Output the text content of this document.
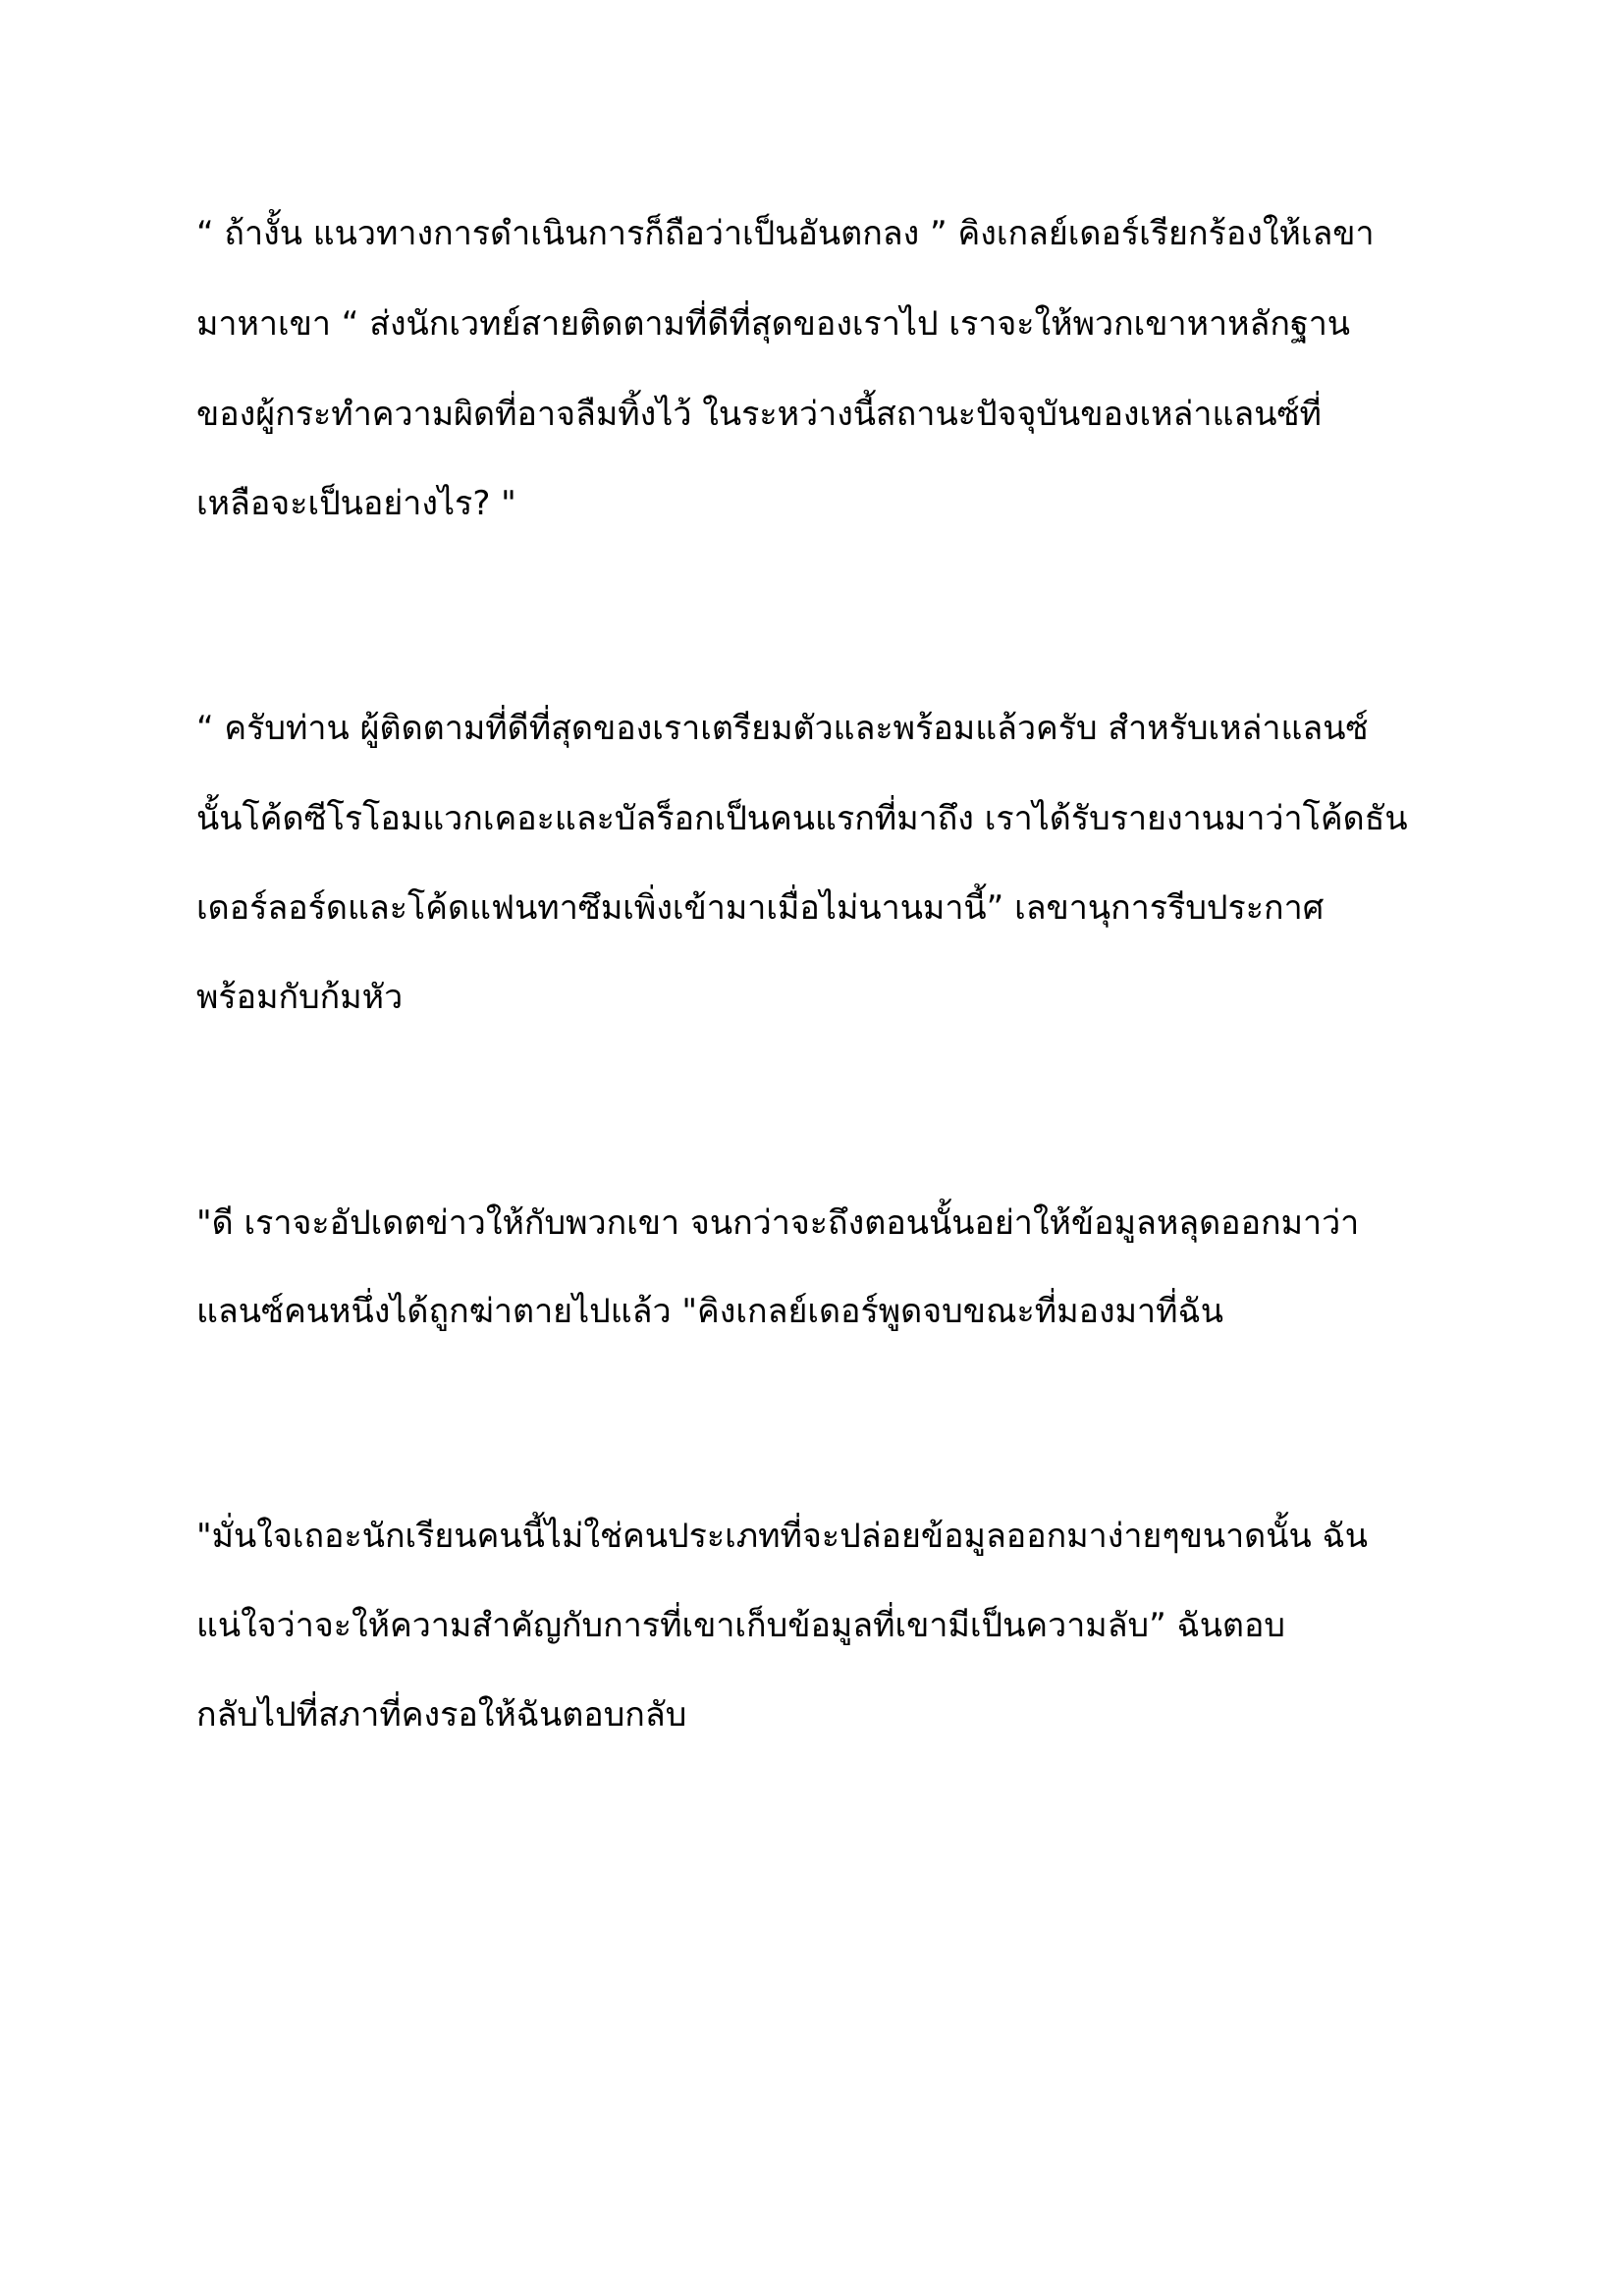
“ ถ้างั้น แนวทางการดำเนินการก็ถือว่าเป็นอันตกลง ” คิงเกลย์เดอร์เรียกร้องให้เลขา

มาหาเขา “ ส่งนักเวทย์สายติดตามที่ดีที่สุดของเราไป เราจะให้พวกเขาหาหลักฐาน

ของผู้กระทำความผิดที่อาจลืมทิ้งไว้ ในระหว่างนี้สถานะปัจจุบันของเหล่าแลนซ์ที่

เหลือจะเป็นอย่างไร? "

“ ครับท่าน ผู้ติดตามที่ดีที่สุดของเราเตรียมตัวและพร้อมแล้วครับ สำหรับเหล่าแลนซ์

นั้นโค้ดซีโรโอมแวกเคอะและบัลร็อกเป็นคนแรกที่มาถึง เราได้รับรายงานมาว่าโค้ดธัน

เดอร์ลอร์ดและโค้ดแฟนทาซึมเพิ่งเข้ามาเมื่อไม่นานมานี้” เลขานุการรีบประกาศ

พร้อมกับก้มหัว

"ดี เราจะอัปเดตข่าวให้กับพวกเขา จนกว่าจะถึงตอนนั้นอย่าให้ข้อมูลหลุดออกมาว่า

แลนซ์คนหนึ่งได้ถูกฆ่าตายไปแล้ว "คิงเกลย์เดอร์พูดจบขณะที่มองมาที่ฉัน

"มั่นใจเถอะนักเรียนคนนี้ไม่ใช่คนประเภทที่จะปล่อยข้อมูลออกมาง่ายๆขนาดนั้น ฉัน

แน่ใจว่าจะให้ความสำคัญกับการที่เขาเก็บข้อมูลที่เขามีเป็นความลับ” ฉันตอบ

กลับไปที่สภาที่คงรอให้ฉันตอบกลับ
